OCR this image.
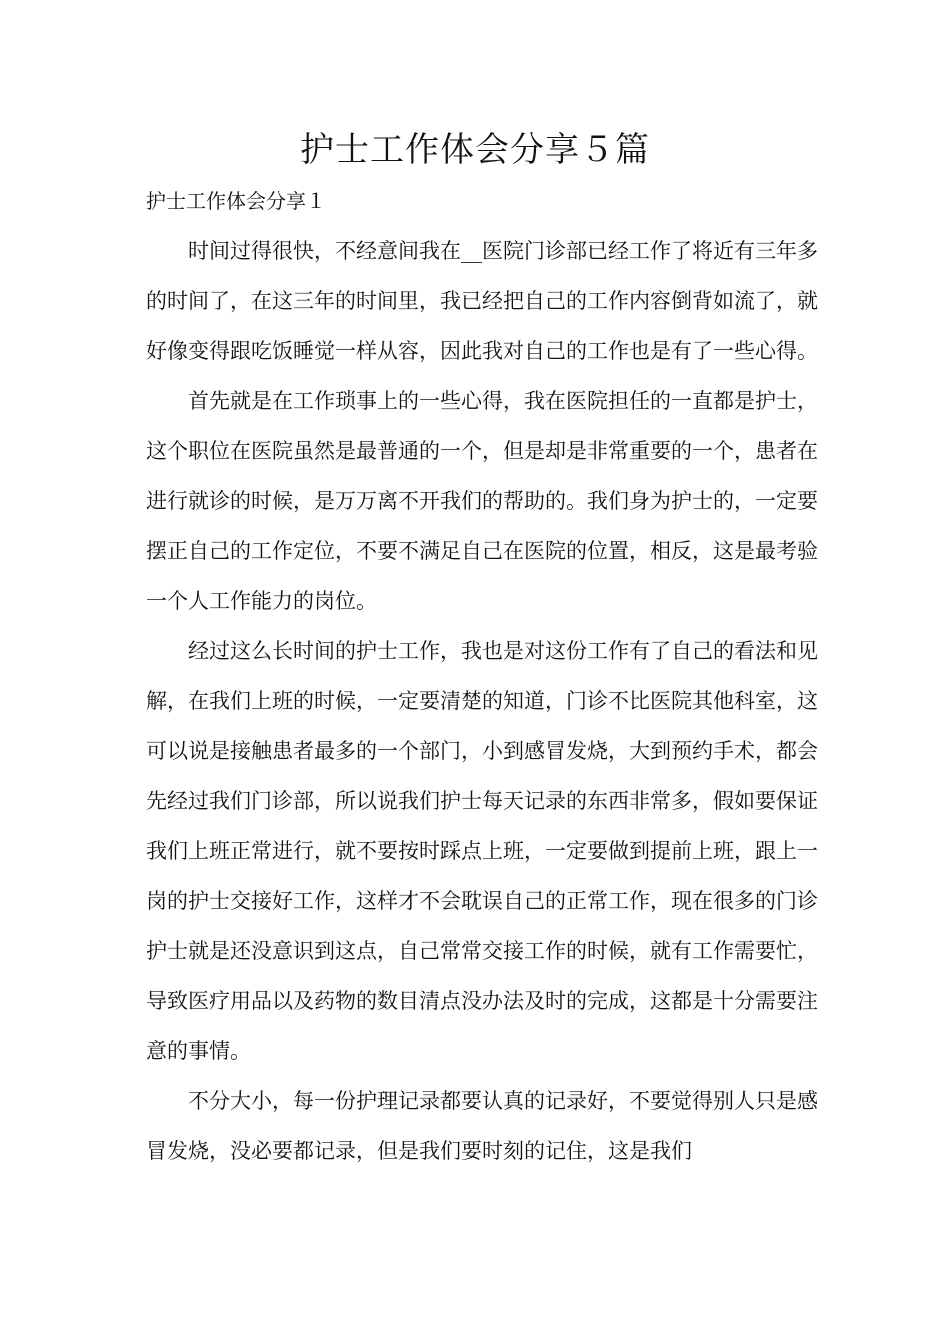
护士工作体会分享５篇
护士工作体会分享１

时间过得很快，不经意间我在__医院门诊部已经工作了将近有三年多的时间了，在这三年的时间里，我已经把自己的工作内容倒背如流了，就好像变得跟吃饭睡觉一样从容，因此我对自己的工作也是有了一些心得。

首先就是在工作琐事上的一些心得，我在医院担任的一直都是护士，这个职位在医院虽然是最普通的一个，但是却是非常重要的一个，患者在进行就诊的时候，是万万离不开我们的帮助的。我们身为护士的，一定要摆正自己的工作定位，不要不满足自己在医院的位置，相反，这是最考验一个人工作能力的岗位。

经过这么长时间的护士工作，我也是对这份工作有了自己的看法和见解，在我们上班的时候，一定要清楚的知道，门诊不比医院其他科室，这可以说是接触患者最多的一个部门，小到感冒发烧，大到预约手术，都会先经过我们门诊部，所以说我们护士每天记录的东西非常多，假如要保证我们上班正常进行，就不要按时踩点上班，一定要做到提前上班，跟上一岗的护士交接好工作，这样才不会耽误自己的正常工作，现在很多的门诊护士就是还没意识到这点，自己常常交接工作的时候，就有工作需要忙，导致医疗用品以及药物的数目清点没办法及时的完成，这都是十分需要注意的事情。

不分大小，每一份护理记录都要认真的记录好，不要觉得别人只是感冒发烧，没必要都记录，但是我们要时刻的记住，这是我们
